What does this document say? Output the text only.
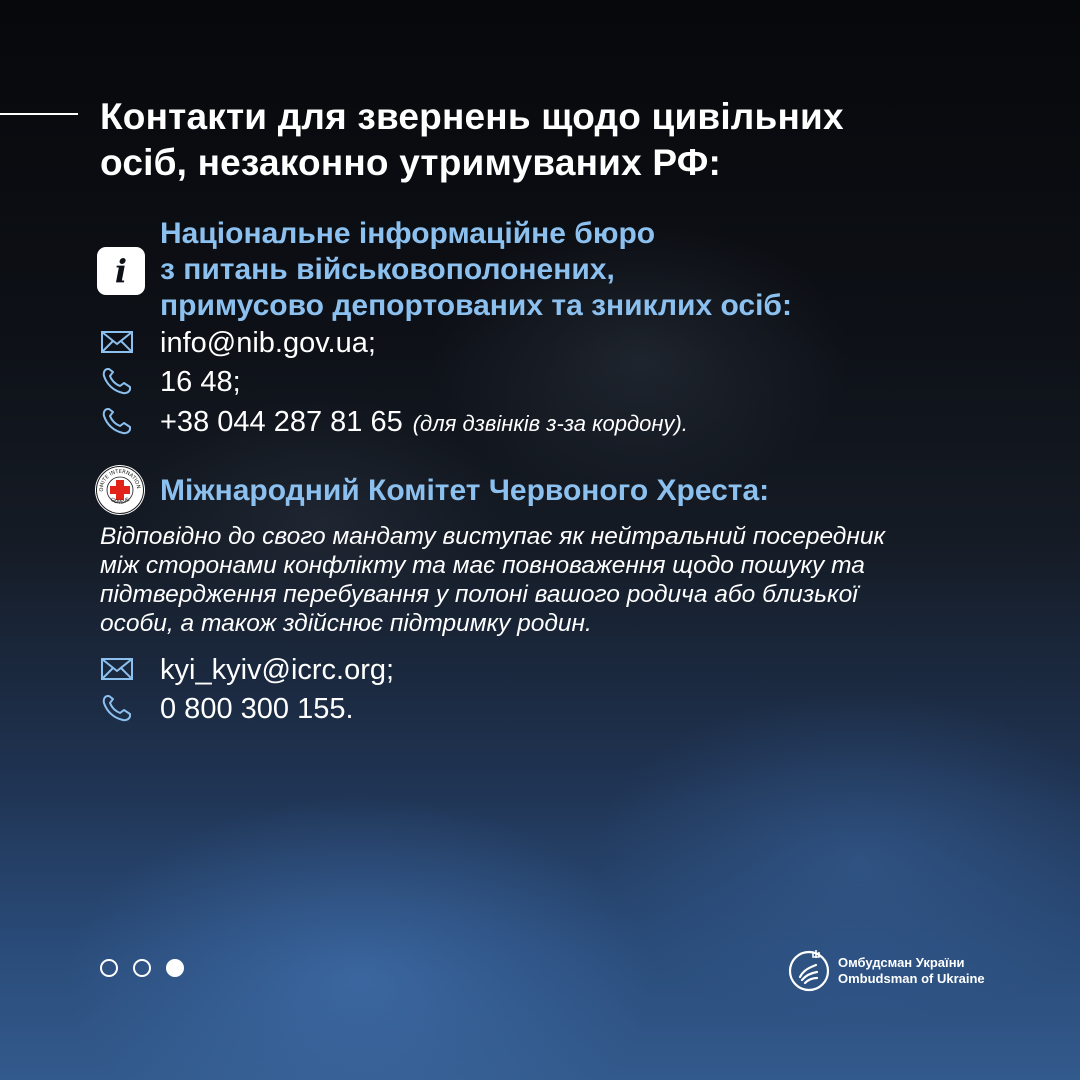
Контакти для звернень щодо цивільних
осіб, незаконно утримуваних РФ:
i
Національне інформаційне бюро
з питань військовополонених,
примусово депортованих та зниклих осіб:
info@nib.gov.ua;
16 48;
+38 044 287 81 65 (для дзвінків з-за кордону).
OMITE INTERNATION
GENEVE Міжнародний Комітет Червоного Хреста:

Відповідно до свого мандату виступає як нейтральний посередник
між сторонами конфлікту та має повноваження щодо пошуку та
підтвердження перебування у полоні вашого родича або близької
особи, а також здійснює підтримку родин.

kyi_kyiv@icrc.org;
0 800 300 155.
Омбудсман України
Ombudsman of Ukraine
